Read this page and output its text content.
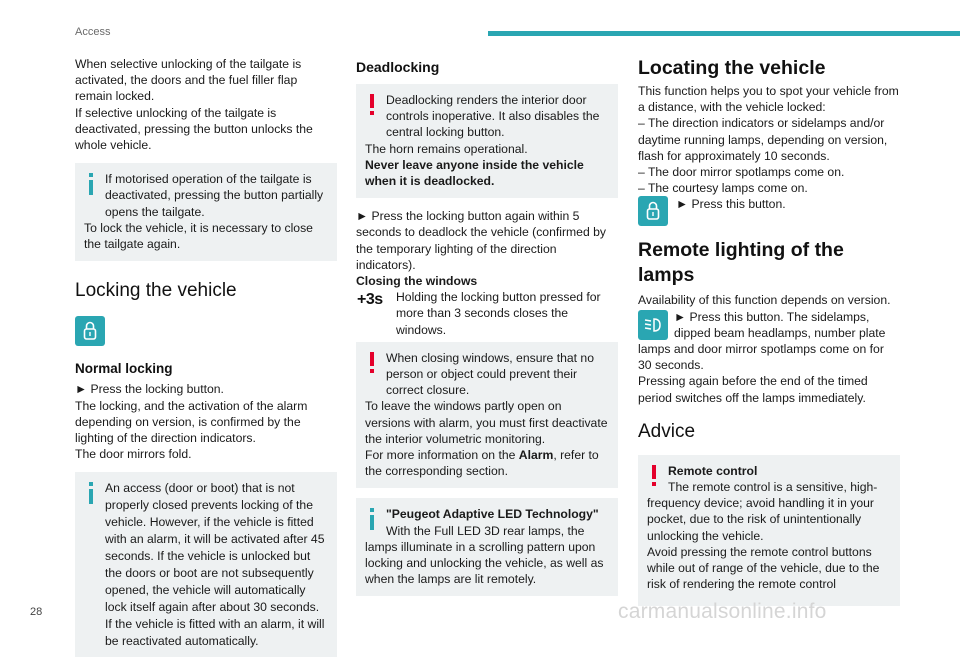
Access

When selective unlocking of the tailgate is activated, the doors and the fuel filler flap remain locked.

If selective unlocking of the tailgate is deactivated, pressing the button unlocks the whole vehicle.

If motorised operation of the tailgate is deactivated, pressing the button partially opens the tailgate.

To lock the vehicle, it is necessary to close the tailgate again.

Locking the vehicle
Normal locking

► Press the locking button.

The locking, and the activation of the alarm depending on version, is confirmed by the lighting of the direction indicators.

The door mirrors fold.

An access (door or boot) that is not properly closed prevents locking of the vehicle. However, if the vehicle is fitted with an alarm, it will be activated after 45 seconds. If the vehicle is unlocked but the doors or boot are not subsequently opened, the vehicle will automatically lock itself again after about 30 seconds. If the vehicle is fitted with an alarm, it will be reactivated automatically.

Deadlocking

Deadlocking renders the interior door controls inoperative. It also disables the central locking button.

The horn remains operational.

Never leave anyone inside the vehicle when it is deadlocked.

► Press the locking button again within 5 seconds to deadlock the vehicle (confirmed by the temporary lighting of the direction indicators).

Closing the windows

+3s	Holding the locking button pressed for more than 3 seconds closes the windows.

When closing windows, ensure that no person or object could prevent their correct closure.

To leave the windows partly open on versions with alarm, you must first deactivate the interior volumetric monitoring.

For more information on the Alarm, refer to the corresponding section.

"Peugeot Adaptive LED Technology"

With the Full LED 3D rear lamps, the lamps illuminate in a scrolling pattern upon locking and unlocking the vehicle, as well as when the lamps are lit remotely.

Locating the vehicle

This function helps you to spot your vehicle from a distance, with the vehicle locked:

– The direction indicators or sidelamps and/or daytime running lamps, depending on version, flash for approximately 10 seconds.

– The door mirror spotlamps come on.

– The courtesy lamps come on.

► Press this button.

Remote lighting of the lamps

Availability of this function depends on version.

► Press this button. The sidelamps, dipped beam headlamps, number plate lamps and door mirror spotlamps come on for 30 seconds.

Pressing again before the end of the timed period switches off the lamps immediately.

Advice

Remote control

The remote control is a sensitive, high-frequency device; avoid handling it in your pocket, due to the risk of unintentionally unlocking the vehicle.

Avoid pressing the remote control buttons while out of range of the vehicle, due to the risk of rendering the remote control

28	carmanualsonline.info
